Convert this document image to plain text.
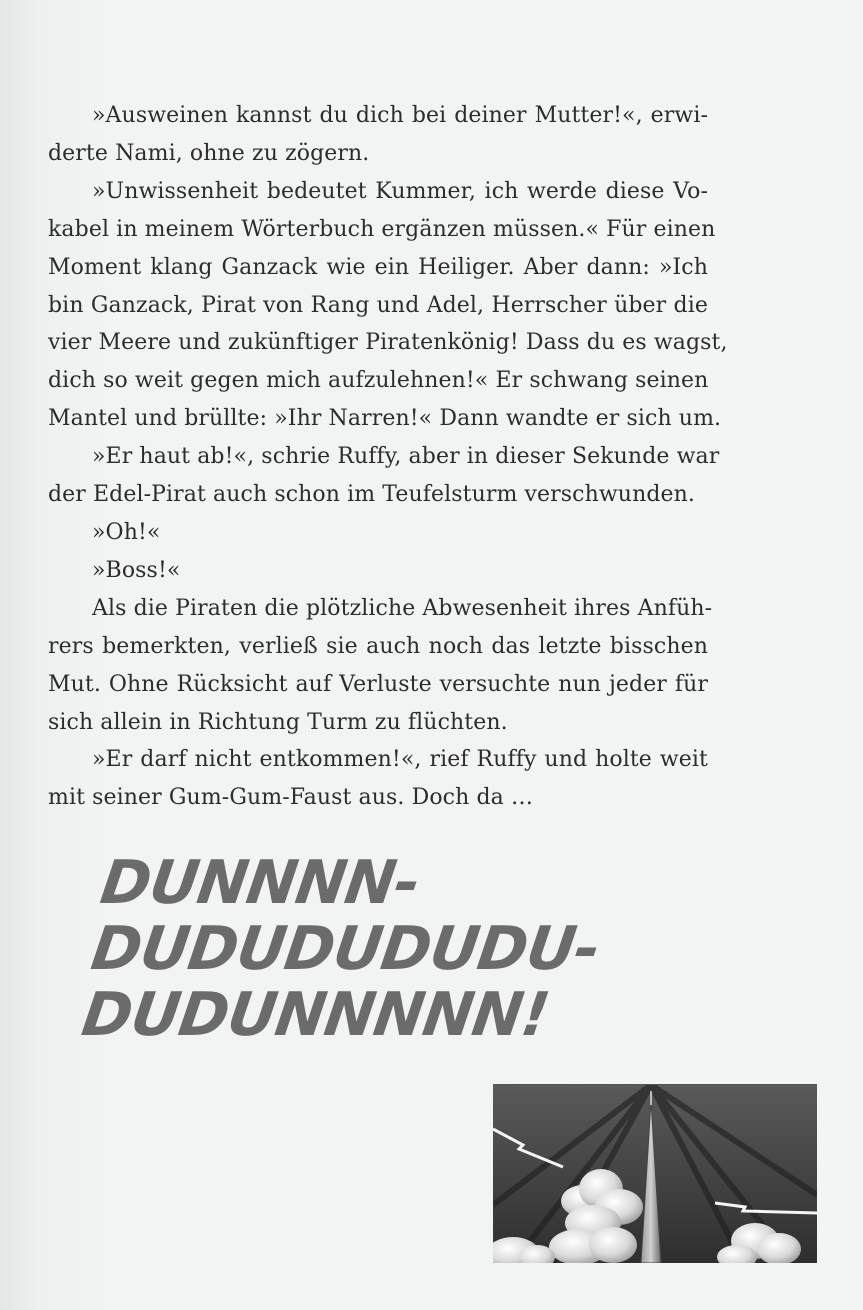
»Ausweinen kannst du dich bei deiner Mutter!«, erwi-
derte Nami, ohne zu zögern.

»Unwissenheit bedeutet Kummer, ich werde diese Vo-
kabel in meinem Wörterbuch ergänzen müssen.« Für einen
Moment klang Ganzack wie ein Heiliger. Aber dann: »Ich
bin Ganzack, Pirat von Rang und Adel, Herrscher über die
vier Meere und zukünftiger Piratenkönig! Dass du es wagst,
dich so weit gegen mich aufzulehnen!« Er schwang seinen
Mantel und brüllte: »Ihr Narren!« Dann wandte er sich um.

»Er haut ab!«, schrie Ruffy, aber in dieser Sekunde war
der Edel-Pirat auch schon im Teufelsturm verschwunden.

»Oh!«

»Boss!«

Als die Piraten die plötzliche Abwesenheit ihres Anfüh-
rers bemerkten, verließ sie auch noch das letzte bisschen
Mut. Ohne Rücksicht auf Verluste versuchte nun jeder für
sich allein in Richtung Turm zu flüchten.

»Er darf nicht entkommen!«, rief Ruffy und holte weit
mit seiner Gum-Gum-Faust aus. Doch da …

DUNNNN-
DUDUDUDUDU-
DUDUNNNNN!
